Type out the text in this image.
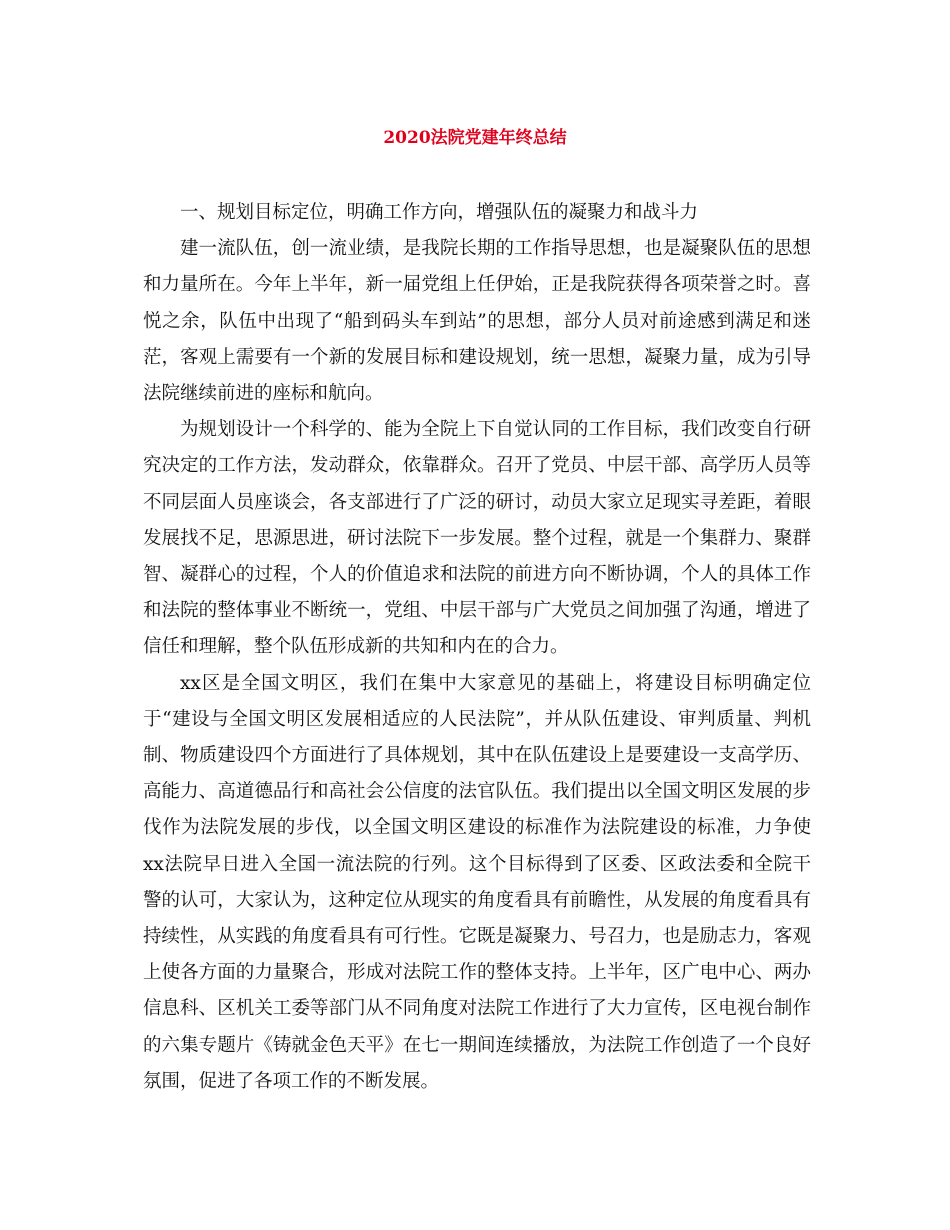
2020法院党建年终总结

一、规划目标定位，明确工作方向，增强队伍的凝聚力和战斗力

建一流队伍，创一流业绩，是我院长期的工作指导思想，也是凝聚队伍的思想和力量所在。今年上半年，新一届党组上任伊始，正是我院获得各项荣誉之时。喜悦之余，队伍中出现了“船到码头车到站”的思想，部分人员对前途感到满足和迷茫，客观上需要有一个新的发展目标和建设规划，统一思想，凝聚力量，成为引导法院继续前进的座标和航向。

为规划设计一个科学的、能为全院上下自觉认同的工作目标，我们改变自行研究决定的工作方法，发动群众，依靠群众。召开了党员、中层干部、高学历人员等不同层面人员座谈会，各支部进行了广泛的研讨，动员大家立足现实寻差距，着眼发展找不足，思源思进，研讨法院下一步发展。整个过程，就是一个集群力、聚群智、凝群心的过程，个人的价值追求和法院的前进方向不断协调，个人的具体工作和法院的整体事业不断统一，党组、中层干部与广大党员之间加强了沟通，增进了信任和理解，整个队伍形成新的共知和内在的合力。

xx区是全国文明区，我们在集中大家意见的基础上，将建设目标明确定位于“建设与全国文明区发展相适应的人民法院”，并从队伍建设、审判质量、判机制、物质建设四个方面进行了具体规划，其中在队伍建设上是要建设一支高学历、高能力、高道德品行和高社会公信度的法官队伍。我们提出以全国文明区发展的步伐作为法院发展的步伐，以全国文明区建设的标准作为法院建设的标准，力争使xx法院早日进入全国一流法院的行列。这个目标得到了区委、区政法委和全院干警的认可，大家认为，这种定位从现实的角度看具有前瞻性，从发展的角度看具有持续性，从实践的角度看具有可行性。它既是凝聚力、号召力，也是励志力，客观上使各方面的力量聚合，形成对法院工作的整体支持。上半年，区广电中心、两办信息科、区机关工委等部门从不同角度对法院工作进行了大力宣传，区电视台制作的六集专题片《铸就金色天平》在七一期间连续播放，为法院工作创造了一个良好氛围，促进了各项工作的不断发展。
